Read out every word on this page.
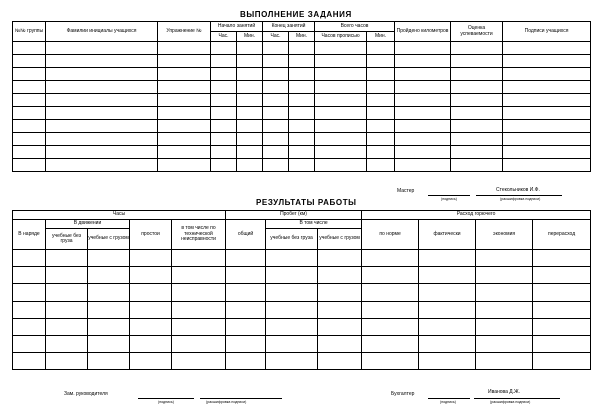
ВЫПОЛНЕНИЕ ЗАДАНИЯ
№№ группы	Фамилии инициалы учащихся	Упражнение №	Начало занятий		Конец занятий		Всего часов		Пройдено километров	Оценка успеваемости	Подписи учащихся
			Час.	Мин.	Час.	Мин.	Часов прописью	Мин.			

Мастер	Стекольников И.Ф.
(подпись)	(расшифровка подписи)
РЕЗУЛЬТАТЫ РАБОТЫ
Часы					Пробег (км)			Расход горючего			
В наряде	В движении		простои	в том числе по технической неисправности	общий	В том числе		по норме	фактически	экономия	перерасход
	учебные без груза	учебные с грузом				учебные без груза	учебные с грузом				

Зам. руководителя
(подпись)	(расшифровка подписи)
Бухгалтер	Иванова Д.Ж.
(подпись)	(расшифровка подписи)
